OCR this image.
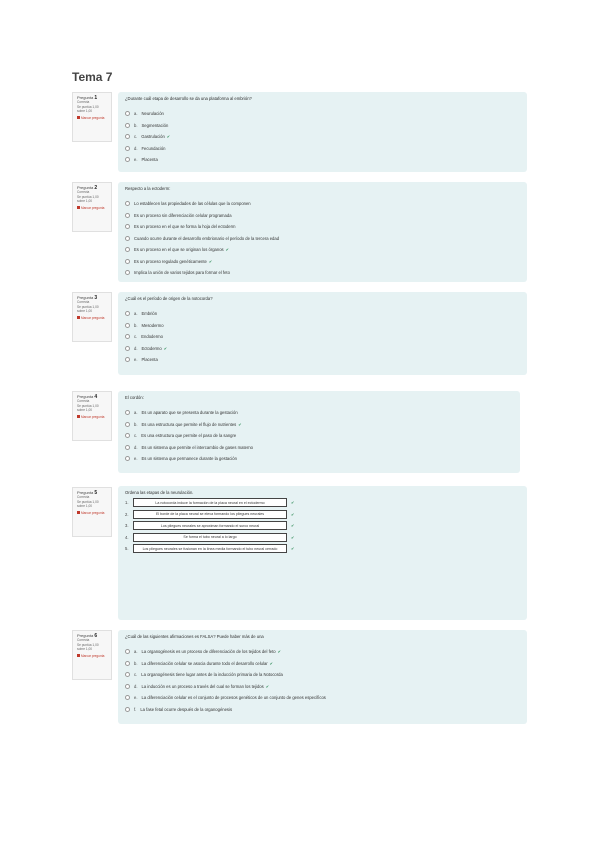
Tema 7
Pregunta 1
Correcta
Se puntúa 1,00 sobre 1,00
Marcar pregunta
¿Durante cuál etapa de desarrollo se da una plataforma al embrión?
a. Neurulación
b. Segmentación
c. Gastrulación ✔
d. Fecundación
e. Placenta
Pregunta 2
Correcta
Se puntúa 1,00 sobre 1,00
Marcar pregunta
Respecto a la ectoderm:
Lo establecen las propiedades de las células que la componen
Es un proceso sin diferenciación celular programada
Es un proceso en el que se forma la hoja del ectoderm
Cuando ocurre durante el desarrollo embrionario el período de la tercera edad
Es un proceso en el que se originan los órganos ✔
Es un proceso regulado genéticamente ✔
Implica la unión de varios tejidos para formar el feto
Pregunta 3
Correcta
Se puntúa 1,00 sobre 1,00
Marcar pregunta
¿Cuál es el período de origen de la notocorda?
a. Embrión
b. Mesodermo
c. Endodermo
d. Ectodermo ✔
e. Placenta
Pregunta 4
Correcta
Se puntúa 1,00 sobre 1,00
Marcar pregunta
El cordón:
a. Es un aparato que se presenta durante la gestación
b. Es una estructura que permite el flujo de nutrientes ✔
c. Es una estructura que permite el paso de la sangre
d. Es un sistema que permite el intercambio de gases materno
e. Es un sistema que permanece durante la gestación
Pregunta 5
Correcta
Se puntúa 1,00 sobre 1,00
Marcar pregunta
Ordena las etapas de la neurulación.
1.	La notocorda induce la formación de la placa neural en el ectodermo	✔
2.	El borde de la placa neural se eleva formando los pliegues neurales	✔
3.	Los pliegues neurales se aproximan formando el surco neural	✔
4.	Se forma el tubo neural a lo largo	✔
5.	Los pliegues neurales se fusionan en la línea media formando el tubo neural cerrado	✔
Pregunta 6
Correcta
Se puntúa 1,00 sobre 1,00
Marcar pregunta
¿Cuál de las siguientes afirmaciones es FALSA? Puede haber más de una
a. La organogénesis es un proceso de diferenciación de los tejidos del feto ✔
b. La diferenciación celular se asocia durante todo el desarrollo celular ✔
c. La organogénesis tiene lugar antes de la inducción primaria de la Notocorda
d. La inducción es un proceso a través del cual se forman los tejidos ✔
e. La diferenciación celular es el conjunto de procesos genéticos de un conjunto de genes específicos
f. La fase fetal ocurre después de la organogénesis
